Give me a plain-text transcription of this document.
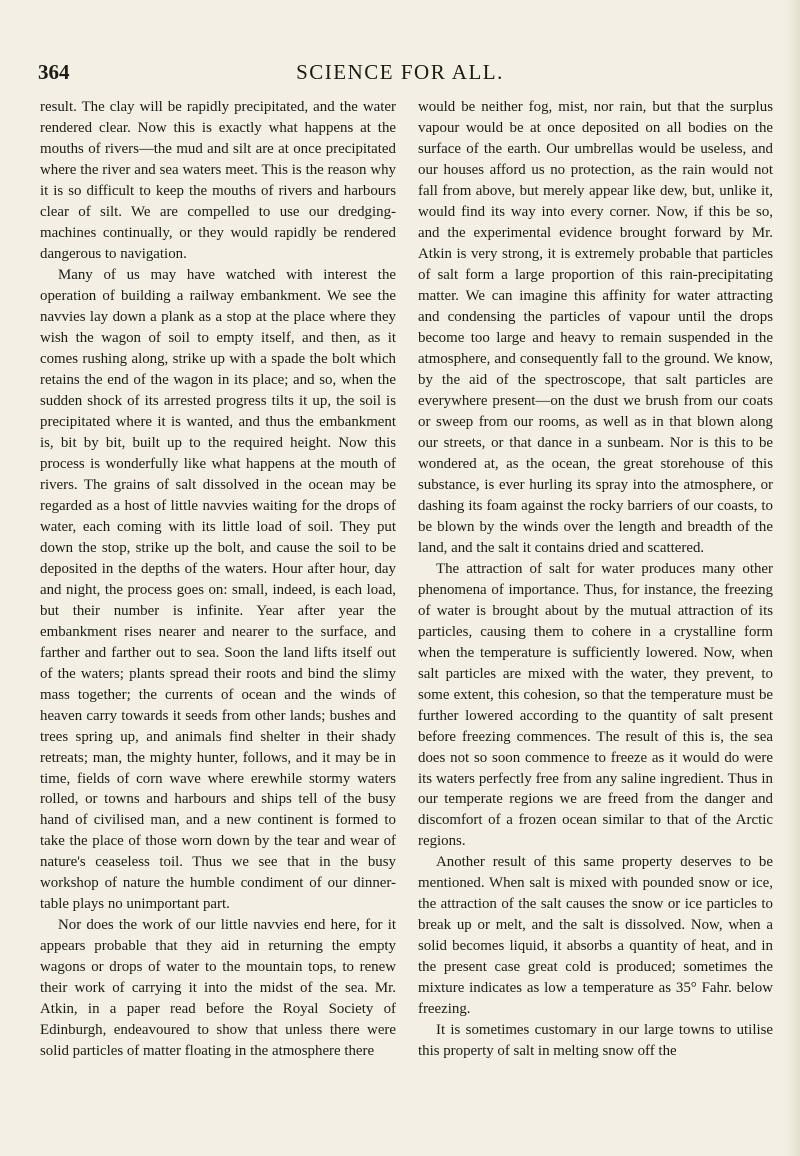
364	SCIENCE FOR ALL.

result. The clay will be rapidly precipitated, and the water rendered clear. Now this is exactly what happens at the mouths of rivers—the mud and silt are at once precipitated where the river and sea waters meet. This is the reason why it is so difficult to keep the mouths of rivers and harbours clear of silt. We are compelled to use our dredging-machines continually, or they would rapidly be rendered dangerous to navigation.

Many of us may have watched with interest the operation of building a railway embankment. We see the navvies lay down a plank as a stop at the place where they wish the wagon of soil to empty itself, and then, as it comes rushing along, strike up with a spade the bolt which retains the end of the wagon in its place; and so, when the sudden shock of its arrested progress tilts it up, the soil is precipitated where it is wanted, and thus the embankment is, bit by bit, built up to the required height. Now this process is wonderfully like what happens at the mouth of rivers. The grains of salt dissolved in the ocean may be regarded as a host of little navvies waiting for the drops of water, each coming with its little load of soil. They put down the stop, strike up the bolt, and cause the soil to be deposited in the depths of the waters. Hour after hour, day and night, the process goes on: small, indeed, is each load, but their number is infinite. Year after year the embankment rises nearer and nearer to the surface, and farther and farther out to sea. Soon the land lifts itself out of the waters; plants spread their roots and bind the slimy mass together; the currents of ocean and the winds of heaven carry towards it seeds from other lands; bushes and trees spring up, and animals find shelter in their shady retreats; man, the mighty hunter, follows, and it may be in time, fields of corn wave where erewhile stormy waters rolled, or towns and harbours and ships tell of the busy hand of civilised man, and a new continent is formed to take the place of those worn down by the tear and wear of nature's ceaseless toil. Thus we see that in the busy workshop of nature the humble condiment of our dinner-table plays no unimportant part.

Nor does the work of our little navvies end here, for it appears probable that they aid in returning the empty wagons or drops of water to the mountain tops, to renew their work of carrying it into the midst of the sea. Mr. Atkin, in a paper read before the Royal Society of Edinburgh, endeavoured to show that unless there were solid particles of matter floating in the atmosphere there

would be neither fog, mist, nor rain, but that the surplus vapour would be at once deposited on all bodies on the surface of the earth. Our umbrellas would be useless, and our houses afford us no protection, as the rain would not fall from above, but merely appear like dew, but, unlike it, would find its way into every corner. Now, if this be so, and the experimental evidence brought forward by Mr. Atkin is very strong, it is extremely probable that particles of salt form a large proportion of this rain-precipitating matter. We can imagine this affinity for water attracting and condensing the particles of vapour until the drops become too large and heavy to remain suspended in the atmosphere, and consequently fall to the ground. We know, by the aid of the spectroscope, that salt particles are everywhere present—on the dust we brush from our coats or sweep from our rooms, as well as in that blown along our streets, or that dance in a sunbeam. Nor is this to be wondered at, as the ocean, the great storehouse of this substance, is ever hurling its spray into the atmosphere, or dashing its foam against the rocky barriers of our coasts, to be blown by the winds over the length and breadth of the land, and the salt it contains dried and scattered.

The attraction of salt for water produces many other phenomena of importance. Thus, for instance, the freezing of water is brought about by the mutual attraction of its particles, causing them to cohere in a crystalline form when the temperature is sufficiently lowered. Now, when salt particles are mixed with the water, they prevent, to some extent, this cohesion, so that the temperature must be further lowered according to the quantity of salt present before freezing commences. The result of this is, the sea does not so soon commence to freeze as it would do were its waters perfectly free from any saline ingredient. Thus in our temperate regions we are freed from the danger and discomfort of a frozen ocean similar to that of the Arctic regions.

Another result of this same property deserves to be mentioned. When salt is mixed with pounded snow or ice, the attraction of the salt causes the snow or ice particles to break up or melt, and the salt is dissolved. Now, when a solid becomes liquid, it absorbs a quantity of heat, and in the present case great cold is produced; sometimes the mixture indicates as low a temperature as 35° Fahr. below freezing.

It is sometimes customary in our large towns to utilise this property of salt in melting snow off the
